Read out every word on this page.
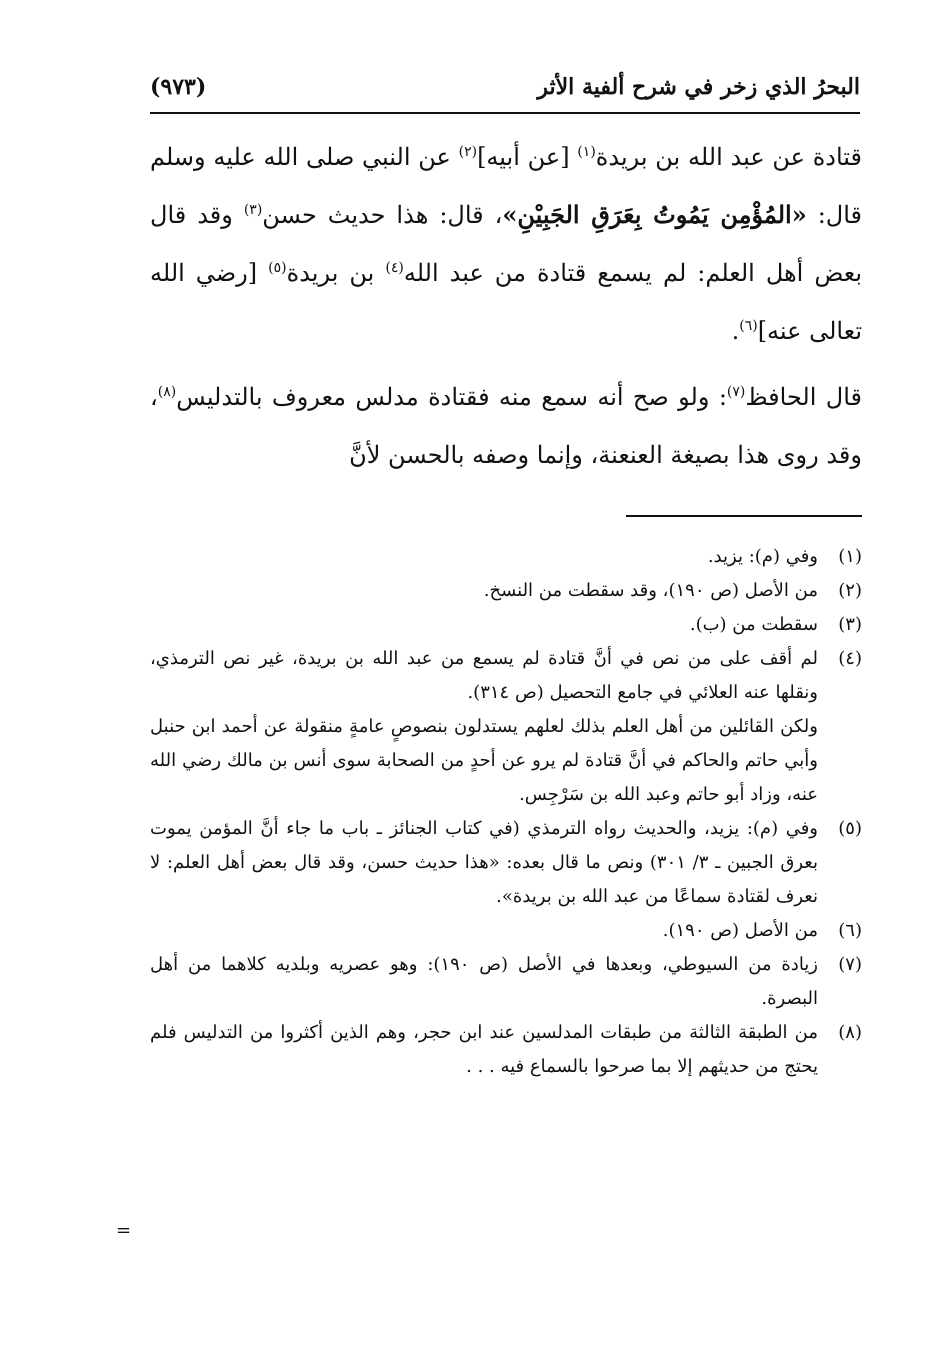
البحرُ الذي زخر في شرح ألفية الأثر
(٩٧٣)

قتادة عن عبد الله بن بريدة$^{(١)}$ [عن أبيه]$^{(٢)}$ عن النبي صلى الله عليه وسلم قال: «المُؤْمِن يَمُوتُ بِعَرَقِ الجَبِيْنِ»، قال: هذا حديث حسن$^{(٣)}$ وقد قال بعض أهل العلم: لم يسمع قتادة من عبد الله$^{(٤)}$ بن بريدة$^{(٥)}$ [رضي الله تعالى عنه]$^{(٦)}$.

قال الحافظ$^{(٧)}$: ولو صح أنه سمع منه فقتادة مدلس معروف بالتدليس$^{(٨)}$، وقد روى هذا بصيغة العنعنة، وإنما وصفه بالحسن لأنَّ

(١)
وفي (م): يزيد.
(٢)
من الأصل (ص ١٩٠)، وقد سقطت من النسخ.
(٣)
سقطت من (ب).
(٤)
لم أقف على من نص في أنَّ قتادة لم يسمع من عبد الله بن بريدة، غير نص الترمذي، ونقلها عنه العلائي في جامع التحصيل (ص ٣١٤).
ولكن القائلين من أهل العلم بذلك لعلهم يستدلون بنصوصٍ عامةٍ منقولة عن أحمد ابن حنبل وأبي حاتم والحاكم في أنَّ قتادة لم يرو عن أحدٍ من الصحابة سوى أنس بن مالك رضي الله عنه، وزاد أبو حاتم وعبد الله بن سَرْجِس.
(٥)
وفي (م): يزيد، والحديث رواه الترمذي (في كتاب الجنائز ـ باب ما جاء أنَّ المؤمن يموت بعرق الجبين ـ ٣/ ٣٠١) ونص ما قال بعده: «هذا حديث حسن، وقد قال بعض أهل العلم: لا نعرف لقتادة سماعًا من عبد الله بن بريدة».
(٦)
من الأصل (ص ١٩٠).
(٧)
زيادة من السيوطي، وبعدها في الأصل (ص ١٩٠): وهو عصريه وبلديه كلاهما من أهل البصرة.
(٨)
من الطبقة الثالثة من طبقات المدلسين عند ابن حجر، وهم الذين أكثروا من التدليس فلم يحتج من حديثهم إلا بما صرحوا بالسماع فيه . . .
=
